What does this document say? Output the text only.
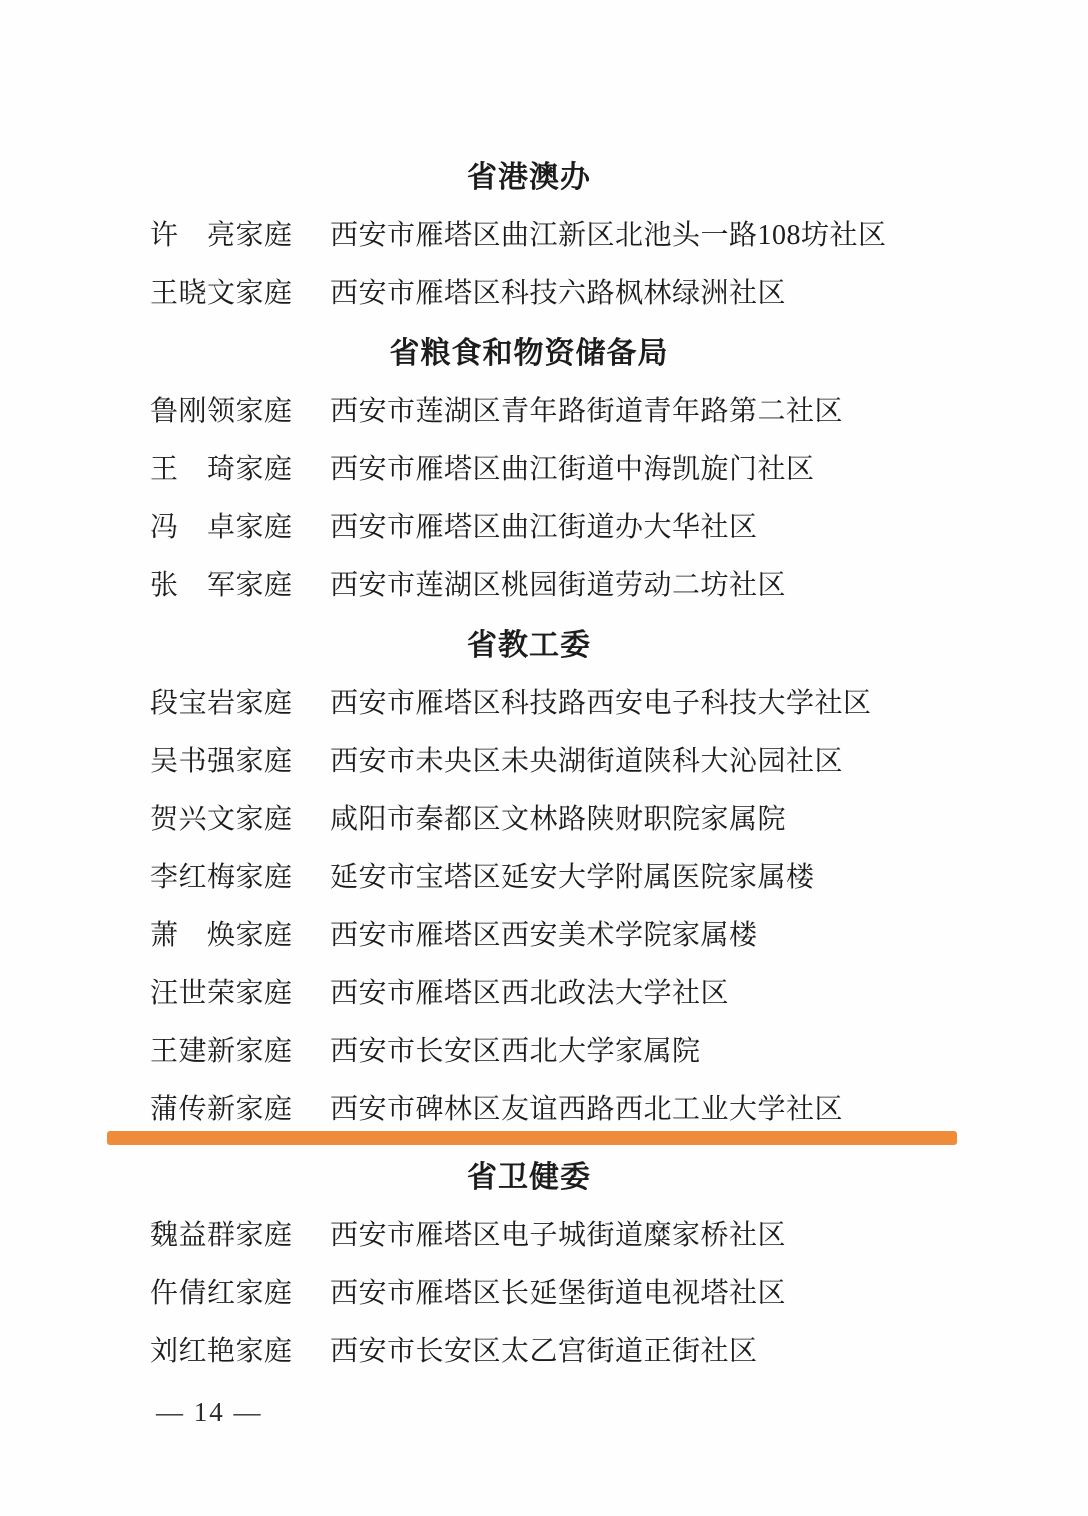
省港澳办
许　亮家庭	西安市雁塔区曲江新区北池头一路108坊社区
王晓文家庭	西安市雁塔区科技六路枫林绿洲社区
省粮食和物资储备局
鲁刚领家庭	西安市莲湖区青年路街道青年路第二社区
王　琦家庭	西安市雁塔区曲江街道中海凯旋门社区
冯　卓家庭	西安市雁塔区曲江街道办大华社区
张　军家庭	西安市莲湖区桃园街道劳动二坊社区
省教工委
段宝岩家庭	西安市雁塔区科技路西安电子科技大学社区
吴书强家庭	西安市未央区未央湖街道陕科大沁园社区
贺兴文家庭	咸阳市秦都区文林路陕财职院家属院
李红梅家庭	延安市宝塔区延安大学附属医院家属楼
萧　焕家庭	西安市雁塔区西安美术学院家属楼
汪世荣家庭	西安市雁塔区西北政法大学社区
王建新家庭	西安市长安区西北大学家属院
蒲传新家庭	西安市碑林区友谊西路西北工业大学社区
省卫健委
魏益群家庭	西安市雁塔区电子城街道糜家桥社区
仵倩红家庭	西安市雁塔区长延堡街道电视塔社区
刘红艳家庭	西安市长安区太乙宫街道正街社区
— 14 —
